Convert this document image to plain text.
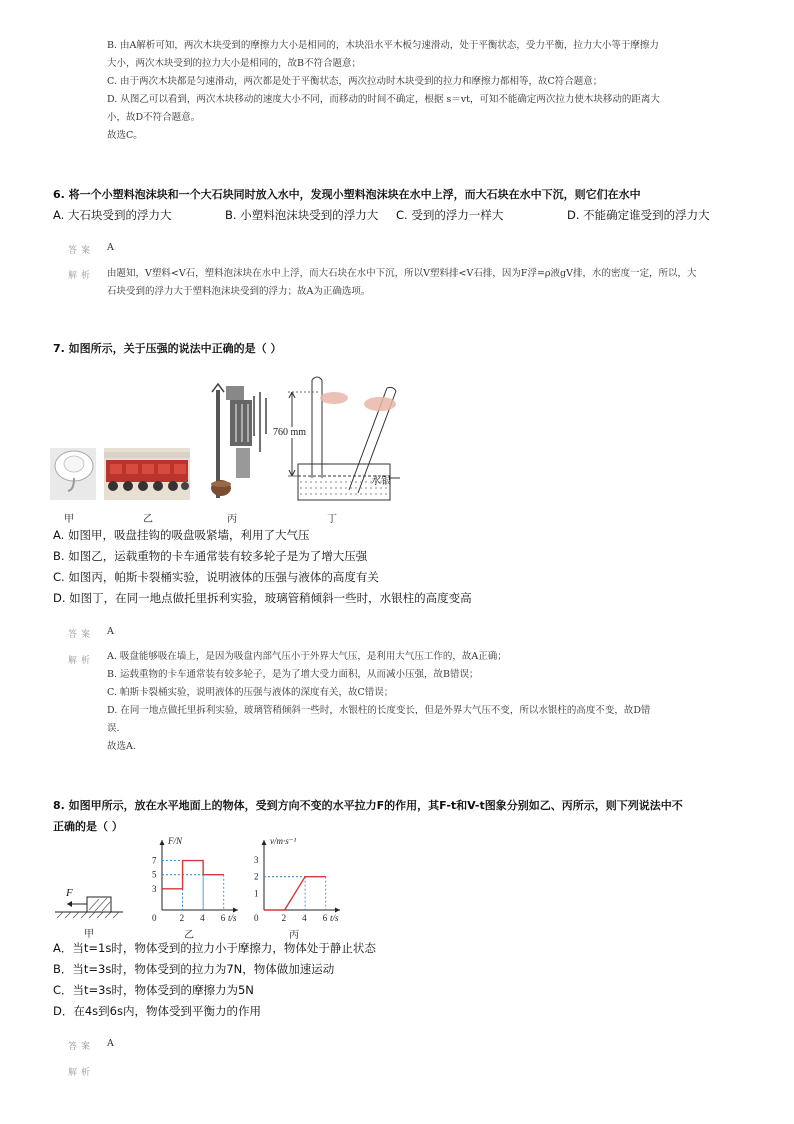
B. 由A解析可知，两次木块受到的摩擦力大小是相同的，木块沿水平木板匀速滑动，处于平衡状态，受力平衡，拉力大小等于摩擦力
大小，两次木块受到的拉力大小是相同的，故B不符合题意；
C. 由于两次木块都是匀速滑动，两次都是处于平衡状态，两次拉动时木块受到的拉力和摩擦力都相等，故C符合题意；
D. 从图乙可以看到，两次木块移动的速度大小不同，而移动的时间不确定，根据 s＝vt，可知不能确定两次拉力使木块移动的距离大
小，故D不符合题意。
故选C。
6. 将一个小塑料泡沫块和一个大石块同时放入水中，发现小塑料泡沫块在水中上浮，而大石块在水中下沉，则它们在水中
A. 大石块受到的浮力大	B. 小塑料泡沫块受到的浮力大 C. 受到的浮力一样大	D. 不能确定谁受到的浮力大
答案 A
解析 由题知，V塑料<V石，塑料泡沫块在水中上浮，而大石块在水中下沉，所以V塑料排<V石排，因为F浮=ρ液gV排，水的密度一定，所以，大
石块受到的浮力大于塑料泡沫块受到的浮力；故A为正确选项。
7. 如图所示，关于压强的说法中正确的是（ ）
760 mm
水银
甲	乙	丙	丁
A. 如图甲，吸盘挂钩的吸盘吸紧墙，利用了大气压
B. 如图乙，运载重物的卡车通常装有较多轮子是为了增大压强
C. 如图丙，帕斯卡裂桶实验，说明液体的压强与液体的高度有关
D. 如图丁，在同一地点做托里拆利实验，玻璃管稍倾斜一些时，水银柱的高度变高
答案 A
解析 A. 吸盘能够吸在墙上，是因为吸盘内部气压小于外界大气压，是利用大气压工作的，故A正确；
B. 运载重物的卡车通常装有较多轮子，是为了增大受力面积，从而减小压强，故B错误；
C. 帕斯卡裂桶实验，说明液体的压强与液体的深度有关，故C错误；
D. 在同一地点做托里拆利实验，玻璃管稍倾斜一些时，水银柱的长度变长，但是外界大气压不变，所以水银柱的高度不变，故D错
误.
故选A.
8. 如图甲所示，放在水平地面上的物体，受到方向不变的水平拉力F的作用，其F-t和V-t图象分别如乙、丙所示，则下列说法中不
正确的是（ ）
F
甲
F/N
t/s
0	2 4 6
3
5
7
乙
v/m·s⁻¹
t/s
0	2 4 6
1
2
3
丙
A．当t=1s时，物体受到的拉力小于摩擦力，物体处于静止状态
B．当t=3s时，物体受到的拉力为7N，物体做加速运动
C．当t=3s时，物体受到的摩擦力为5N
D．在4s到6s内，物体受到平衡力的作用
答案 A
解析
